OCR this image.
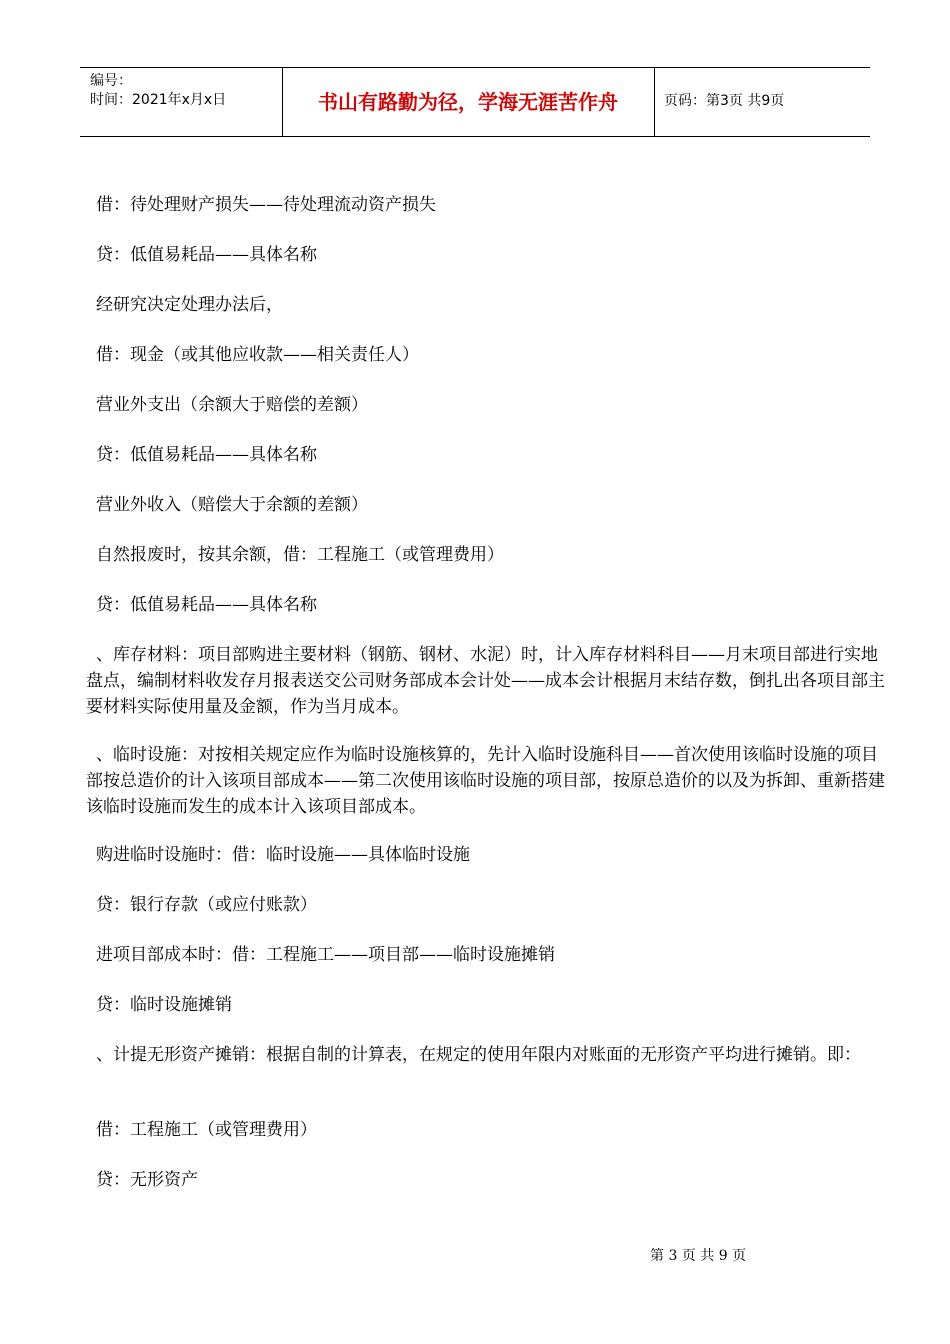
编号：
时间：2021年x月x日	书山有路勤为径，学海无涯苦作舟	页码：第3页 共9页

借：待处理财产损失——待处理流动资产损失

贷：低值易耗品——具体名称

经研究决定处理办法后，

借：现金（或其他应收款——相关责任人）

营业外支出（余额大于赔偿的差额）

贷：低值易耗品——具体名称

营业外收入（赔偿大于余额的差额）

自然报废时，按其余额，借：工程施工（或管理费用）

贷：低值易耗品——具体名称

、库存材料：项目部购进主要材料（钢筋、钢材、水泥）时，计入库存材料科目——月末项目部进行实地盘点，编制材料收发存月报表送交公司财务部成本会计处——成本会计根据月末结存数，倒扎出各项目部主要材料实际使用量及金额，作为当月成本。

、临时设施：对按相关规定应作为临时设施核算的，先计入临时设施科目——首次使用该临时设施的项目部按总造价的计入该项目部成本——第二次使用该临时设施的项目部，按原总造价的以及为拆卸、重新搭建该临时设施而发生的成本计入该项目部成本。

购进临时设施时：借：临时设施——具体临时设施

贷：银行存款（或应付账款）

进项目部成本时：借：工程施工——项目部——临时设施摊销

贷：临时设施摊销

、计提无形资产摊销：根据自制的计算表，在规定的使用年限内对账面的无形资产平均进行摊销。即：

借：工程施工（或管理费用）

贷：无形资产

第 3 页 共 9 页
